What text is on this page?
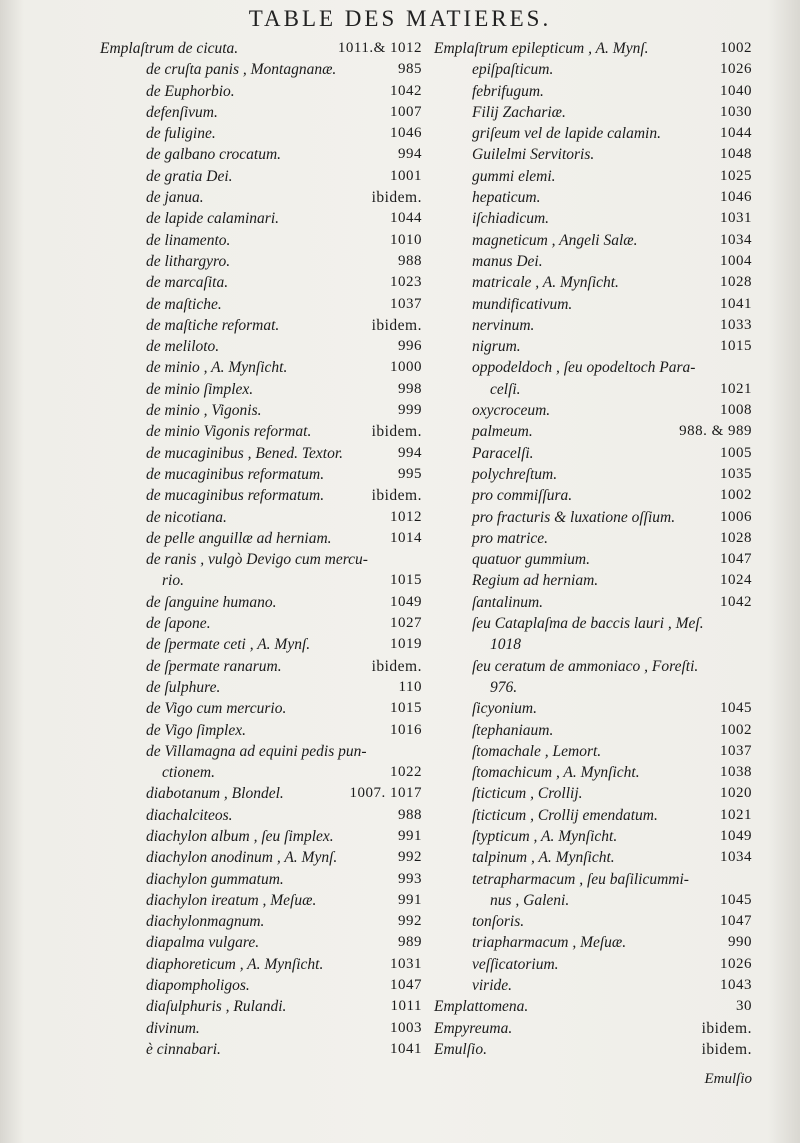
TABLE DES MATIERES.
Emplaſtrum de cicuta.	1011.& 1012
de cruſta panis , Montagnanæ.	985
de Euphorbio.	1042
defenſivum.	1007
de fuligine.	1046
de galbano crocatum.	994
de gratia Dei.	1001
de janua.	ibidem.
de lapide calaminari.	1044
de linamento.	1010
de lithargyro.	988
de marcaſita.	1023
de maſtiche.	1037
de maſtiche reformat.	ibidem.
de meliloto.	996
de minio , A. Mynſicht.	1000
de minio ſimplex.	998
de minio , Vigonis.	999
de minio Vigonis reformat.	ibidem.
de mucaginibus , Bened. Textor.	994
de mucaginibus reformatum.	995
de mucaginibus reformatum.	ibidem.
de nicotiana.	1012
de pelle anguillæ ad herniam.	1014
de ranis , vulgò Devigo cum mercu-
rio.	1015
de ſanguine humano.	1049
de ſapone.	1027
de ſpermate ceti , A. Mynſ.	1019
de ſpermate ranarum.	ibidem.
de ſulphure.	110
de Vigo cum mercurio.	1015
de Vigo ſimplex.	1016
de Villamagna ad equini pedis pun-
ctionem.	1022
diabotanum , Blondel.	1007. 1017
diachalciteos.	988
diachylon album , ſeu ſimplex.	991
diachylon anodinum , A. Mynſ.	992
diachylon gummatum.	993
diachylon ireatum , Meſuæ.	991
diachylonmagnum.	992
diapalma vulgare.	989
diaphoreticum , A. Mynſicht.	1031
diapompholigos.	1047
diaſulphuris , Rulandi.	1011
divinum.	1003
è cinnabari.	1041
Emplaſtrum epilepticum , A. Mynſ.	1002
epiſpaſticum.	1026
febrifugum.	1040
Filij Zachariæ.	1030
griſeum vel de lapide calamin.	1044
Guilelmi Servitoris.	1048
gummi elemi.	1025
hepaticum.	1046
iſchiadicum.	1031
magneticum , Angeli Salæ.	1034
manus Dei.	1004
matricale , A. Mynſicht.	1028
mundificativum.	1041
nervinum.	1033
nigrum.	1015
oppodeldoch , ſeu opodeltoch Para-
celſi.	1021
oxycroceum.	1008
palmeum.	988. & 989
Paracelſi.	1005
polychreſtum.	1035
pro commiſſura.	1002
pro fracturis & luxatione oſſium.	1006
pro matrice.	1028
quatuor gummium.	1047
Regium ad herniam.	1024
ſantalinum.	1042
ſeu Cataplaſma de baccis lauri , Meſ.
1018
ſeu ceratum de ammoniaco , Foreſti.
976.
ſicyonium.	1045
ſtephaniaum.	1002
ſtomachale , Lemort.	1037
ſtomachicum , A. Mynſicht.	1038
ſticticum , Crollij.	1020
ſticticum , Crollij emendatum.	1021
ſtypticum , A. Mynſicht.	1049
talpinum , A. Mynſicht.	1034
tetrapharmacum , ſeu baſilicummi-
nus , Galeni.	1045
tonſoris.	1047
triapharmacum , Meſuæ.	990
veſſicatorium.	1026
viride.	1043
Emplattomena.	30
Empyreuma.	ibidem.
Emulſio.	ibidem.
Emulſio
